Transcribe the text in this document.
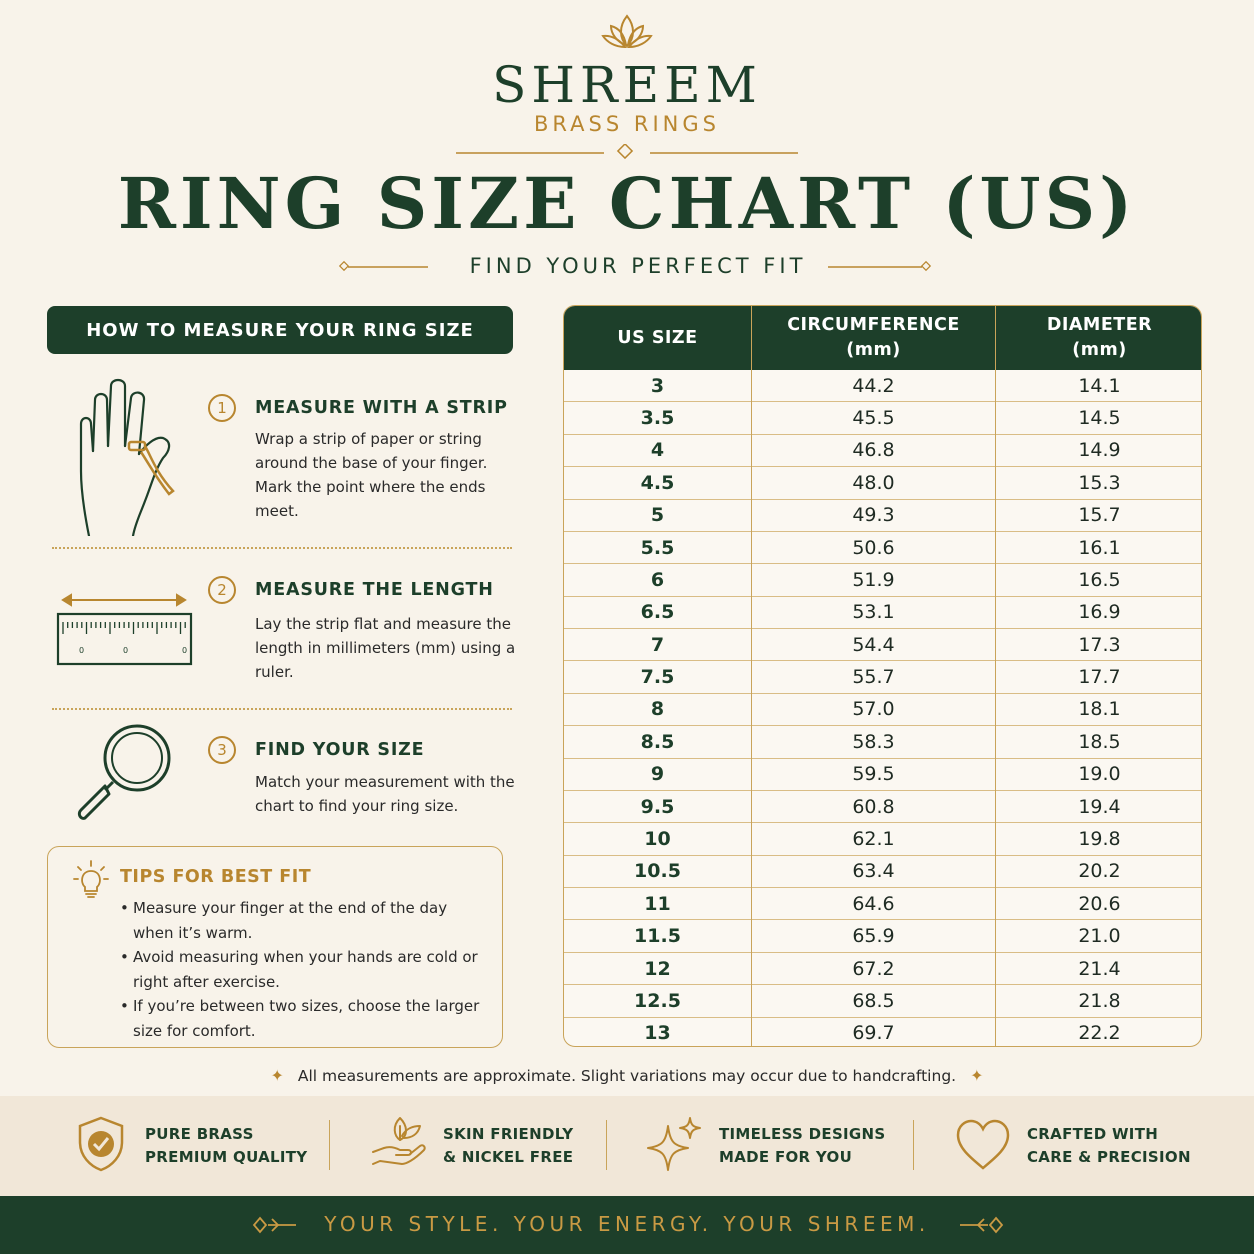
SHREEM
BRASS RINGS
RING SIZE CHART (US)
FIND YOUR PERFECT FIT
HOW TO MEASURE YOUR RING SIZE
1	MEASURE WITH A STRIP
Wrap a strip of paper or string around the base of your finger. Mark the point where the ends meet.
0	0	0
2	MEASURE THE LENGTH
Lay the strip flat and measure the length in millimeters (mm) using a ruler.
3	FIND YOUR SIZE
Match your measurement with the chart to find your ring size.
TIPS FOR BEST FIT
• Measure your finger at the end of the day when it’s warm.
• Avoid measuring when your hands are cold or right after exercise.
• If you’re between two sizes, choose the larger size for comfort.
US SIZE
CIRCUMFERENCE
(mm)
DIAMETER
(mm)
3	44.2	14.1
3.5	45.5	14.5
4	46.8	14.9
4.5	48.0	15.3
5	49.3	15.7
5.5	50.6	16.1
6	51.9	16.5
6.5	53.1	16.9
7	54.4	17.3
7.5	55.7	17.7
8	57.0	18.1
8.5	58.3	18.5
9	59.5	19.0
9.5	60.8	19.4
10	62.1	19.8
10.5	63.4	20.2
11	64.6	20.6
11.5	65.9	21.0
12	67.2	21.4
12.5	68.5	21.8
13	69.7	22.2
✦ All measurements are approximate. Slight variations may occur due to handcrafting. ✦
PURE BRASS
PREMIUM QUALITY
SKIN FRIENDLY
& NICKEL FREE
TIMELESS DESIGNS
MADE FOR YOU
CRAFTED WITH
CARE & PRECISION
YOUR STYLE. YOUR ENERGY. YOUR SHREEM.
